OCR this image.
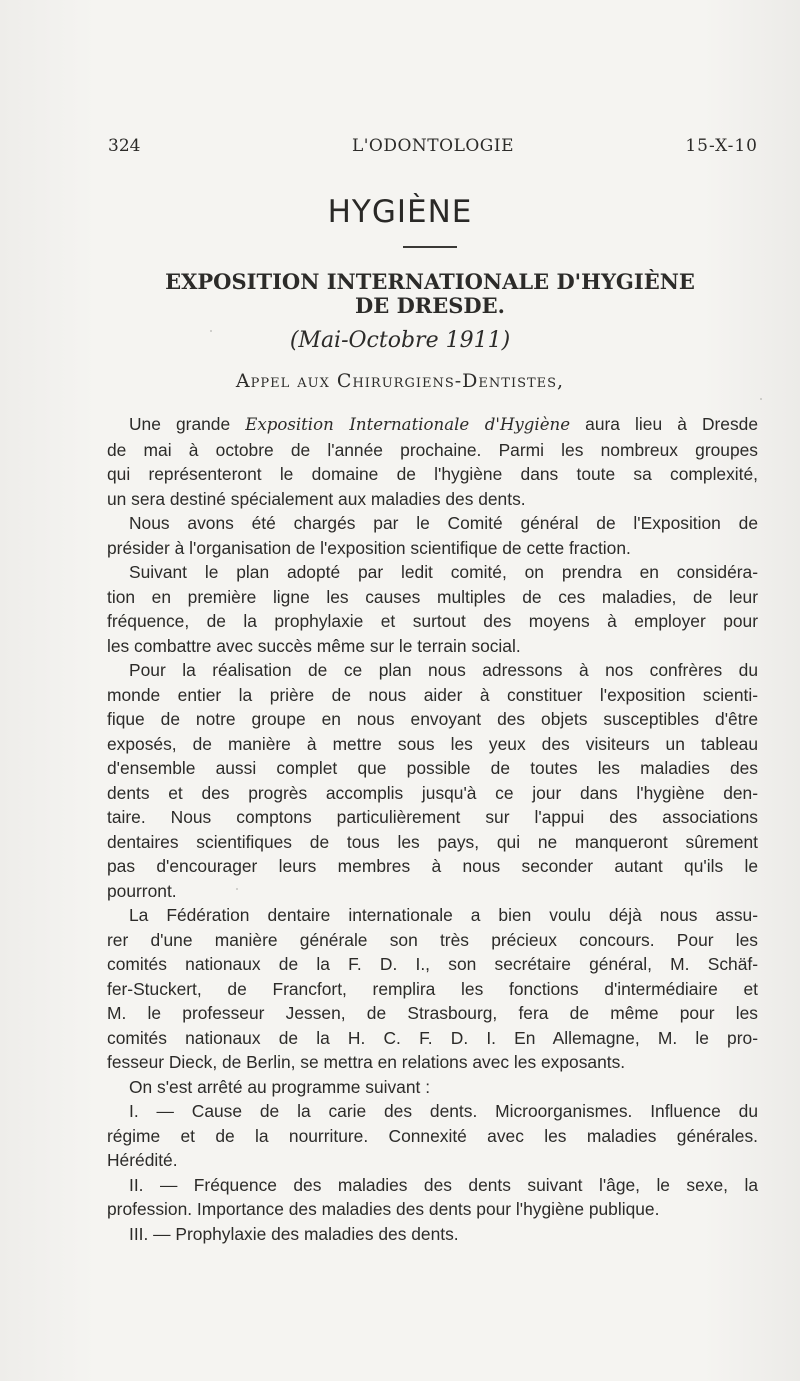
324	L'ODONTOLOGIE	15-X-10
HYGIÈNE
EXPOSITION INTERNATIONALE D'HYGIÈNE
DE DRESDE.
(Mai-Octobre 1911)
Appel aux Chirurgiens-Dentistes,
Une grande Exposition Internationale d'Hygiène aura lieu à Dresde
de mai à octobre de l'année prochaine. Parmi les nombreux groupes
qui représenteront le domaine de l'hygiène dans toute sa complexité,
un sera destiné spécialement aux maladies des dents.
Nous avons été chargés par le Comité général de l'Exposition de
présider à l'organisation de l'exposition scientifique de cette fraction.
Suivant le plan adopté par ledit comité, on prendra en considéra-
tion en première ligne les causes multiples de ces maladies, de leur
fréquence, de la prophylaxie et surtout des moyens à employer pour
les combattre avec succès même sur le terrain social.
Pour la réalisation de ce plan nous adressons à nos confrères du
monde entier la prière de nous aider à constituer l'exposition scienti-
fique de notre groupe en nous envoyant des objets susceptibles d'être
exposés, de manière à mettre sous les yeux des visiteurs un tableau
d'ensemble aussi complet que possible de toutes les maladies des
dents et des progrès accomplis jusqu'à ce jour dans l'hygiène den-
taire. Nous comptons particulièrement sur l'appui des associations
dentaires scientifiques de tous les pays, qui ne manqueront sûrement
pas d'encourager leurs membres à nous seconder autant qu'ils le
pourront.
La Fédération dentaire internationale a bien voulu déjà nous assu-
rer d'une manière générale son très précieux concours. Pour les
comités nationaux de la F. D. I., son secrétaire général, M. Schäf-
fer-Stuckert, de Francfort, remplira les fonctions d'intermédiaire et
M. le professeur Jessen, de Strasbourg, fera de même pour les
comités nationaux de la H. C. F. D. I. En Allemagne, M. le pro-
fesseur Dieck, de Berlin, se mettra en relations avec les exposants.
On s'est arrêté au programme suivant :
I. — Cause de la carie des dents. Microorganismes. Influence du
régime et de la nourriture. Connexité avec les maladies générales.
Hérédité.
II. — Fréquence des maladies des dents suivant l'âge, le sexe, la
profession. Importance des maladies des dents pour l'hygiène publique.
III. — Prophylaxie des maladies des dents.
